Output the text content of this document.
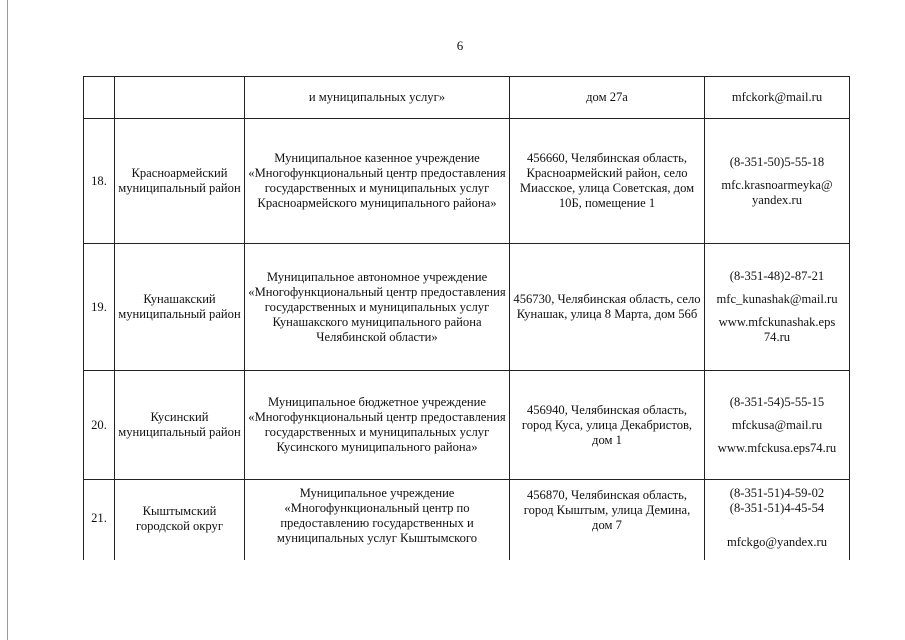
6
		и муниципальных услуг»	дом 27а	mfckork@mail.ru

18.	Красноармейский муниципальный район	Муниципальное казенное учреждение «Многофункциональный центр предоставления государственных и муниципальных услуг Красноармейского муниципального района»	456660, Челябинская область, Красноармейский район, село Миасское, улица Советская, дом 10Б, помещение 1	(8-351-50)5-55-18
mfc.krasnoarmeyka@ yandex.ru

19.	Кунашакский муниципальный район	Муниципальное автономное учреждение «Многофункциональный центр предоставления государственных и муниципальных услуг Кунашакского муниципального района Челябинской области»	456730, Челябинская область, село Кунашак, улица 8 Марта, дом 56б	(8-351-48)2-87-21
mfc_kunashak@mail.ru
www.mfckunashak.eps 74.ru

20.	Кусинский муниципальный район	Муниципальное бюджетное учреждение «Многофункциональный центр предоставления государственных и муниципальных услуг Кусинского муниципального района»	456940, Челябинская область, город Куса, улица Декабристов, дом 1	(8-351-54)5-55-15
mfckusa@mail.ru
www.mfckusa.eps74.ru

21.	Кыштымский городской округ	Муниципальное учреждение «Многофункциональный центр по предоставлению государственных и муниципальных услуг Кыштымского	456870, Челябинская область, город Кыштым, улица Демина, дом 7	(8-351-51)4-59-02
(8-351-51)4-45-54
mfckgo@yandex.ru
